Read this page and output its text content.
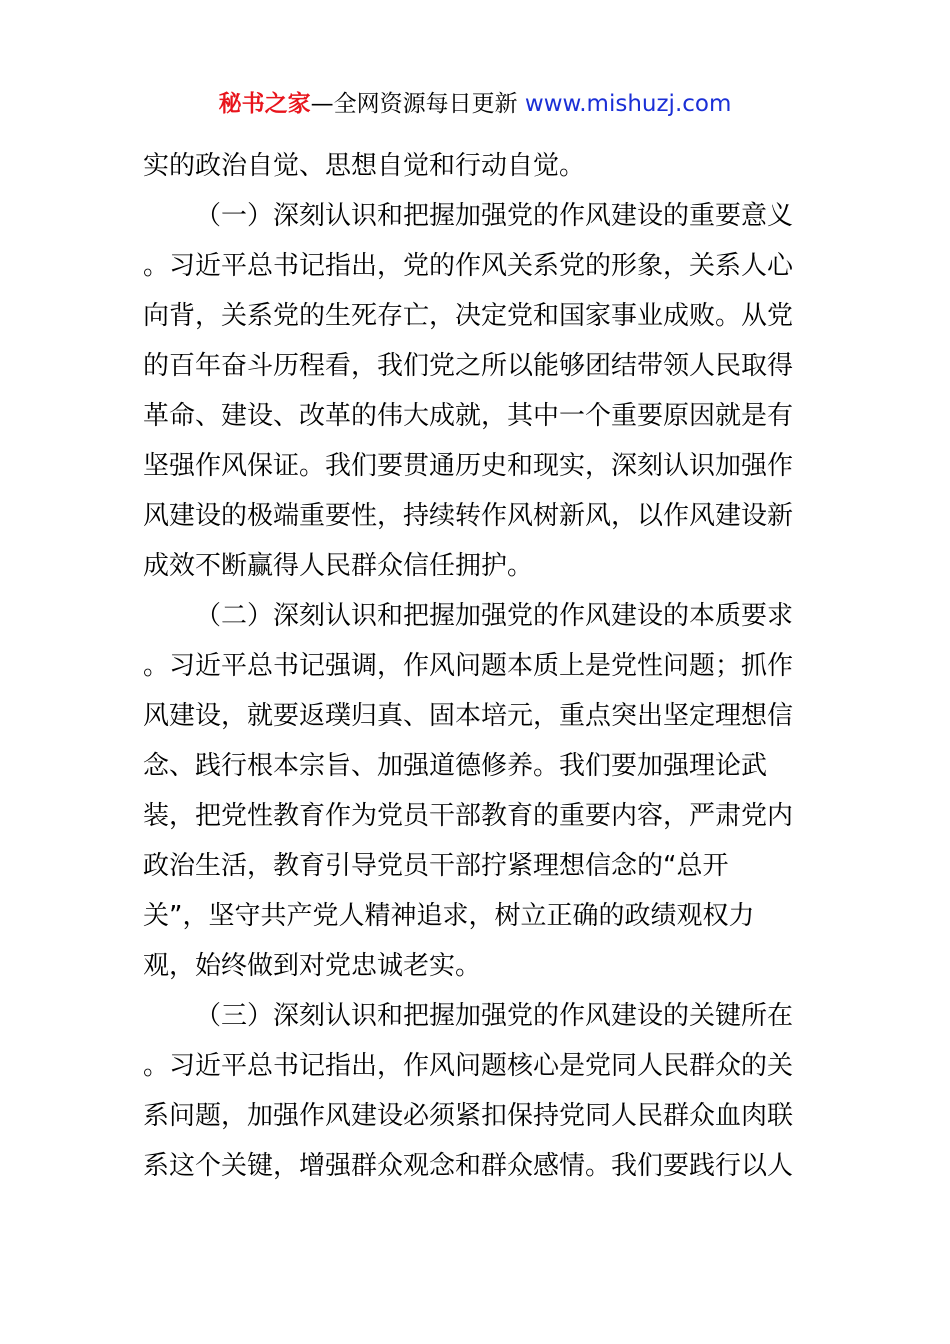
秘书之家—全网资源每日更新 www.mishuzj.com
实的政治自觉、思想自觉和行动自觉。
（一）深刻认识和把握加强党的作风建设的重要意义
。习近平总书记指出，党的作风关系党的形象，关系人心
向背，关系党的生死存亡，决定党和国家事业成败。从党
的百年奋斗历程看，我们党之所以能够团结带领人民取得
革命、建设、改革的伟大成就，其中一个重要原因就是有
坚强作风保证。我们要贯通历史和现实，深刻认识加强作
风建设的极端重要性，持续转作风树新风，以作风建设新
成效不断赢得人民群众信任拥护。
（二）深刻认识和把握加强党的作风建设的本质要求
。习近平总书记强调，作风问题本质上是党性问题；抓作
风建设，就要返璞归真、固本培元，重点突出坚定理想信
念、践行根本宗旨、加强道德修养。我们要加强理论武
装，把党性教育作为党员干部教育的重要内容，严肃党内
政治生活，教育引导党员干部拧紧理想信念的“总开
关”，坚守共产党人精神追求，树立正确的政绩观权力
观，始终做到对党忠诚老实。
（三）深刻认识和把握加强党的作风建设的关键所在
。习近平总书记指出，作风问题核心是党同人民群众的关
系问题，加强作风建设必须紧扣保持党同人民群众血肉联
系这个关键，增强群众观念和群众感情。我们要践行以人
